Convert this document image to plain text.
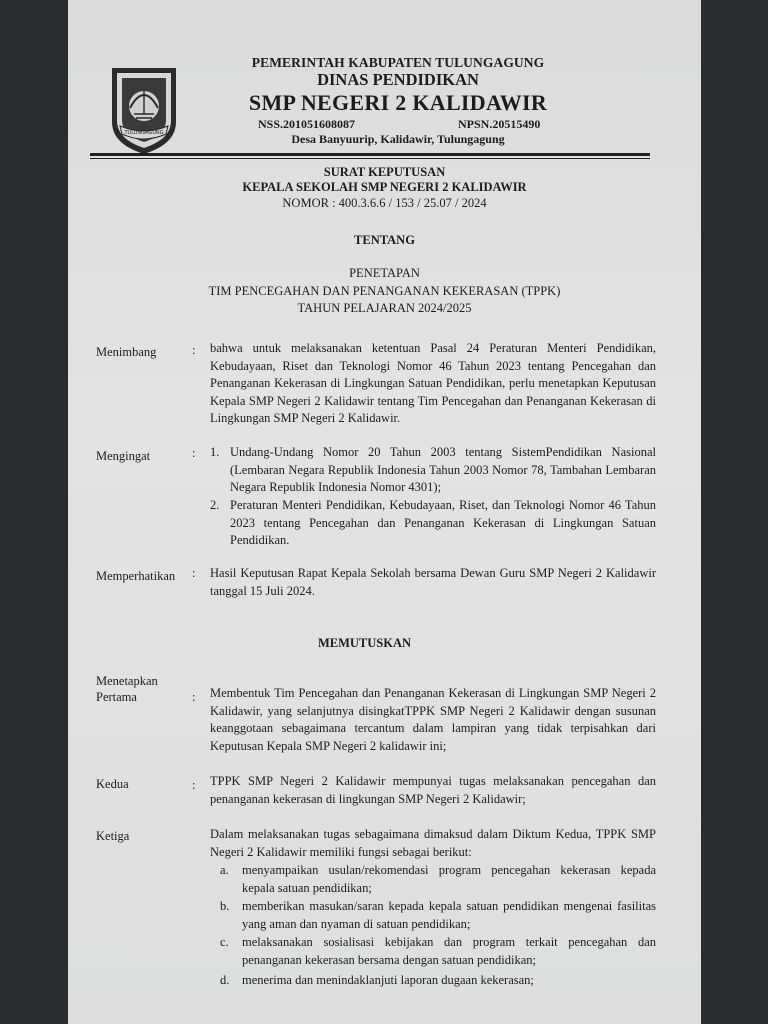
TULUNGAGUNG
PEMERINTAH KABUPATEN TULUNGAGUNG
DINAS PENDIDIKAN
SMP NEGERI 2 KALIDAWIR
NSS.201051608087	NPSN.20515490
Desa Banyuurip, Kalidawir, Tulungagung
SURAT KEPUTUSAN
KEPALA SEKOLAH SMP NEGERI 2 KALIDAWIR
NOMOR : 400.3.6.6 / 153 / 25.07 / 2024
TENTANG
PENETAPAN
TIM PENCEGAHAN DAN PENANGANAN KEKERASAN (TPPK)
TAHUN PELAJARAN 2024/2025
Menimbang	: bahwa untuk melaksanakan ketentuan Pasal 24 Peraturan Menteri Pendidikan, Kebudayaan, Riset dan Teknologi Nomor 46 Tahun 2023 tentang Pencegahan dan Penanganan Kekerasan di Lingkungan Satuan Pendidikan, perlu menetapkan Keputusan Kepala SMP Negeri 2 Kalidawir tentang Tim Pencegahan dan Penanganan Kekerasan di Lingkungan SMP Negeri 2 Kalidawir.
Mengingat	: 1. Undang-Undang Nomor 20 Tahun 2003 tentang SistemPendidikan Nasional (Lembaran Negara Republik Indonesia Tahun 2003 Nomor 78, Tambahan Lembaran Negara Republik Indonesia Nomor 4301);
2. Peraturan Menteri Pendidikan, Kebudayaan, Riset, dan Teknologi Nomor 46 Tahun 2023 tentang Pencegahan dan Penanganan Kekerasan di Lingkungan Satuan Pendidikan.
Memperhatikan : Hasil Keputusan Rapat Kepala Sekolah bersama Dewan Guru SMP Negeri 2 Kalidawir tanggal 15 Juli 2024.
MEMUTUSKAN
Menetapkan
Pertama	: Membentuk Tim Pencegahan dan Penanganan Kekerasan di Lingkungan SMP Negeri 2 Kalidawir, yang selanjutnya disingkatTPPK SMP Negeri 2 Kalidawir dengan susunan keanggotaan sebagaimana tercantum dalam lampiran yang tidak terpisahkan dari Keputusan Kepala SMP Negeri 2 kalidawir ini;
Kedua	: TPPK SMP Negeri 2 Kalidawir mempunyai tugas melaksanakan pencegahan dan penanganan kekerasan di lingkungan SMP Negeri 2 Kalidawir;
Ketiga	Dalam melaksanakan tugas sebagaimana dimaksud dalam Diktum Kedua, TPPK SMP Negeri 2 Kalidawir memiliki fungsi sebagai berikut:
a. menyampaikan usulan/rekomendasi program pencegahan kekerasan kepada kepala satuan pendidikan;
b. memberikan masukan/saran kepada kepala satuan pendidikan mengenai fasilitas yang aman dan nyaman di satuan pendidikan;
c. melaksanakan sosialisasi kebijakan dan program terkait pencegahan dan penanganan kekerasan bersama dengan satuan pendidikan;
d. menerima dan menindaklanjuti laporan dugaan kekerasan;
